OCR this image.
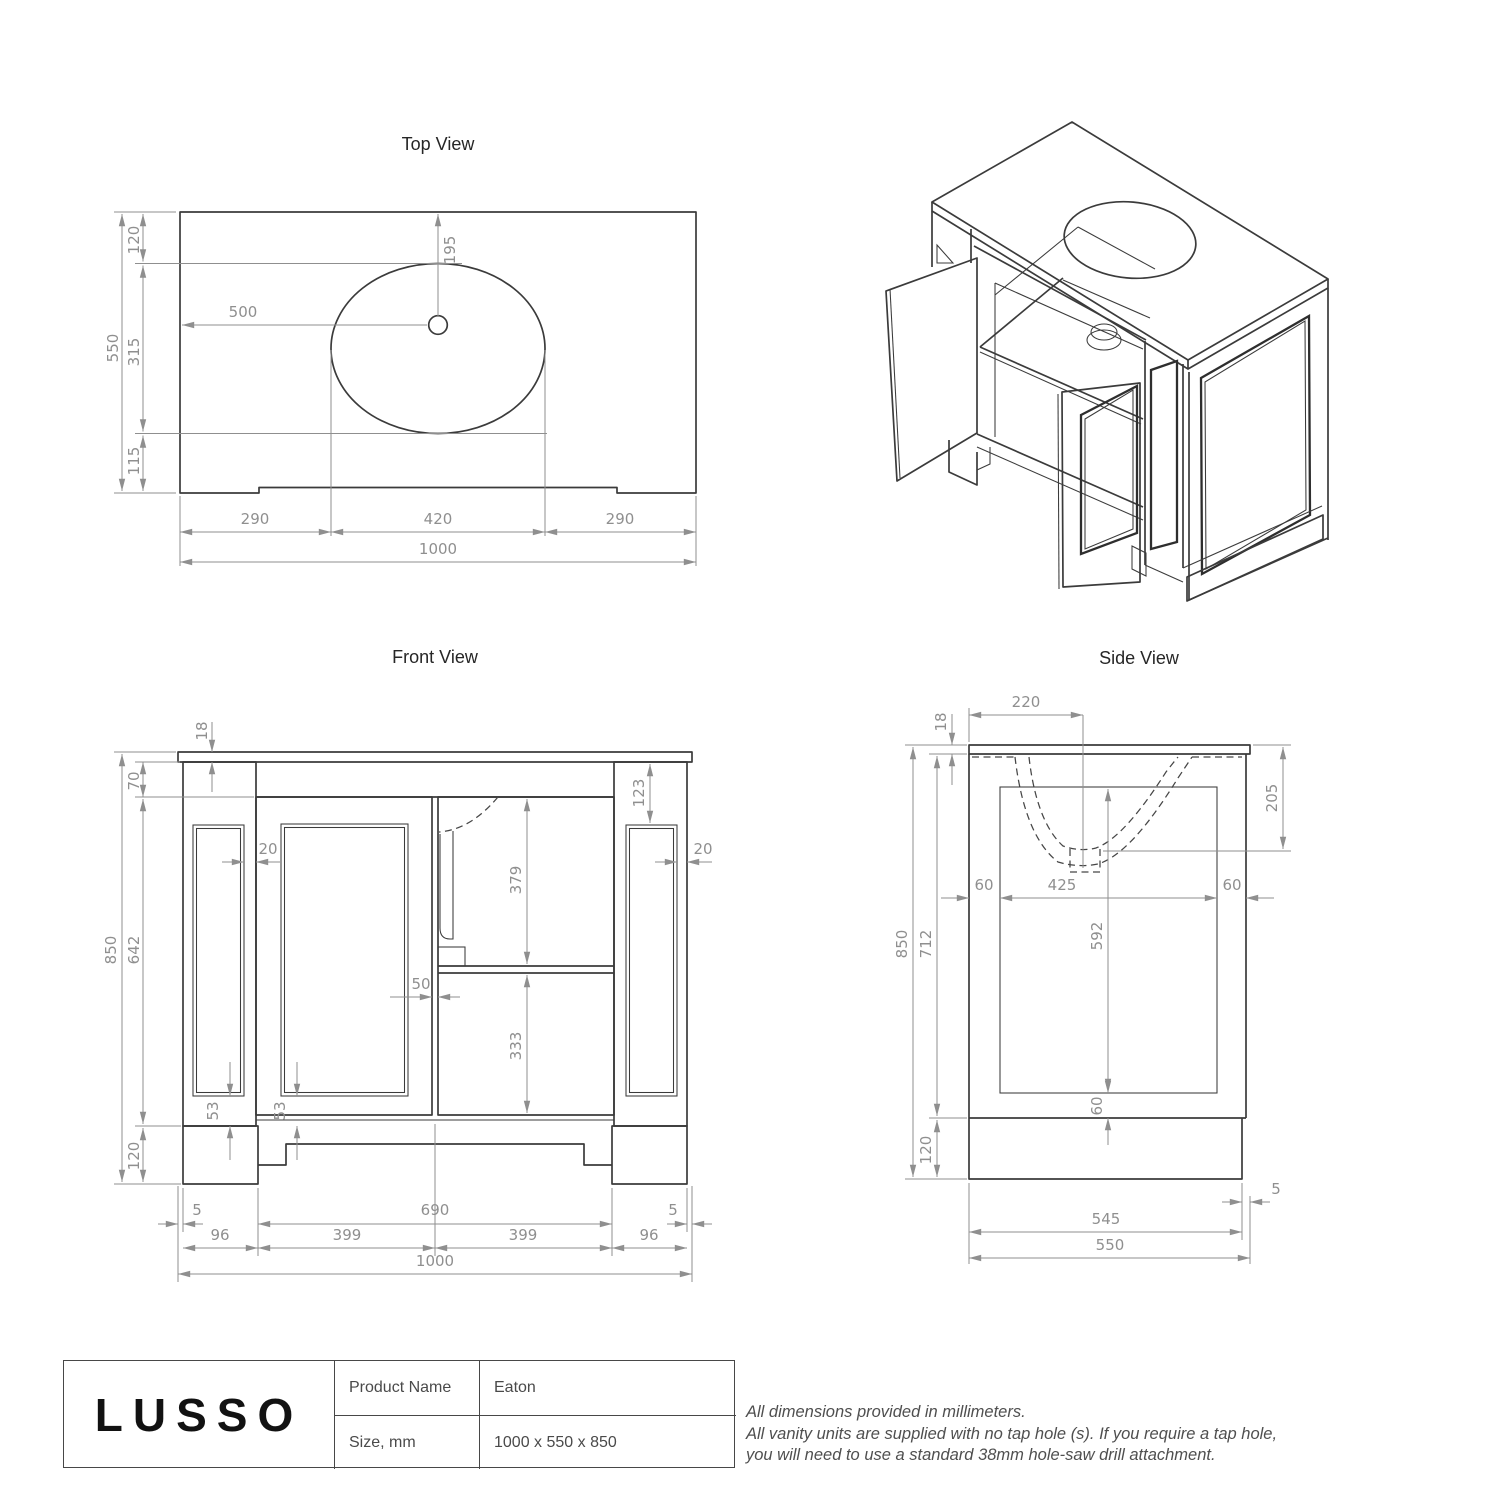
Top View
550
120
315
115
500
195
290	420	290
1000
Front View
18
70
850 642
120
20	20
123
379
50
333
53	53
5
96
690
399	399	96
5
1000
Side View
18
220
205
60	425	60
592
60
850 712
120
545
5
550
LUSSO
Product Name	Eaton
Size, mm	1000 x 550 x 850
All dimensions provided in millimeters.
All vanity units are supplied with no tap hole (s). If you require a tap hole,
you will need to use a standard 38mm hole-saw drill attachment.
